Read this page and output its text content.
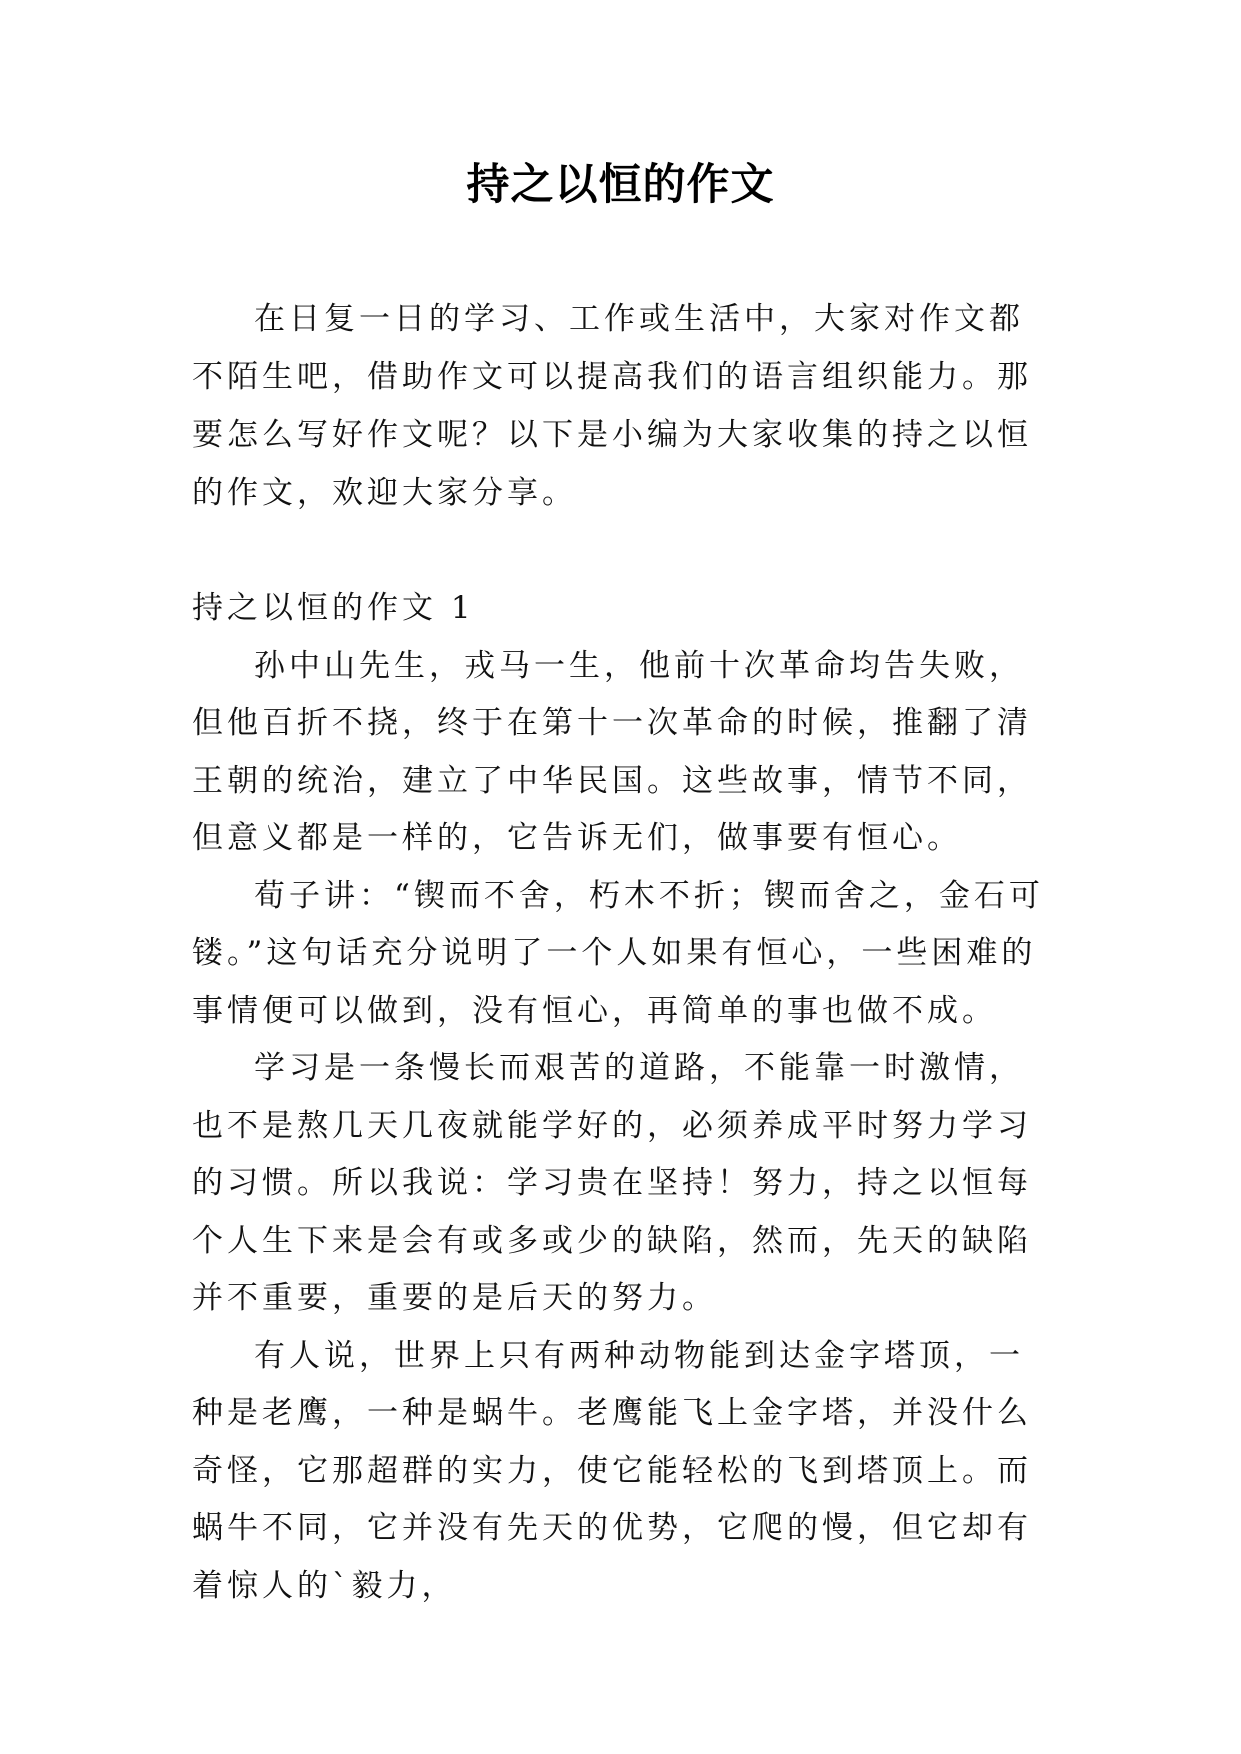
持之以恒的作文

在日复一日的学习、工作或生活中，大家对作文都不陌生吧，借助作文可以提高我们的语言组织能力。那要怎么写好作文呢？以下是小编为大家收集的持之以恒的作文，欢迎大家分享。

持之以恒的作文 1

孙中山先生，戎马一生，他前十次革命均告失败，但他百折不挠，终于在第十一次革命的时候，推翻了清王朝的统治，建立了中华民国。这些故事，情节不同，但意义都是一样的，它告诉无们，做事要有恒心。

荀子讲：“锲而不舍，朽木不折；锲而舍之，金石可镂。”这句话充分说明了一个人如果有恒心，一些困难的事情便可以做到，没有恒心，再简单的事也做不成。

学习是一条慢长而艰苦的道路，不能靠一时激情，也不是熬几天几夜就能学好的，必须养成平时努力学习的习惯。所以我说：学习贵在坚持！努力，持之以恒每个人生下来是会有或多或少的缺陷，然而，先天的缺陷并不重要，重要的是后天的努力。

有人说，世界上只有两种动物能到达金字塔顶，一种是老鹰，一种是蜗牛。老鹰能飞上金字塔，并没什么奇怪，它那超群的实力，使它能轻松的飞到塔顶上。而蜗牛不同，它并没有先天的优势，它爬的慢，但它却有着惊人的`毅力，
